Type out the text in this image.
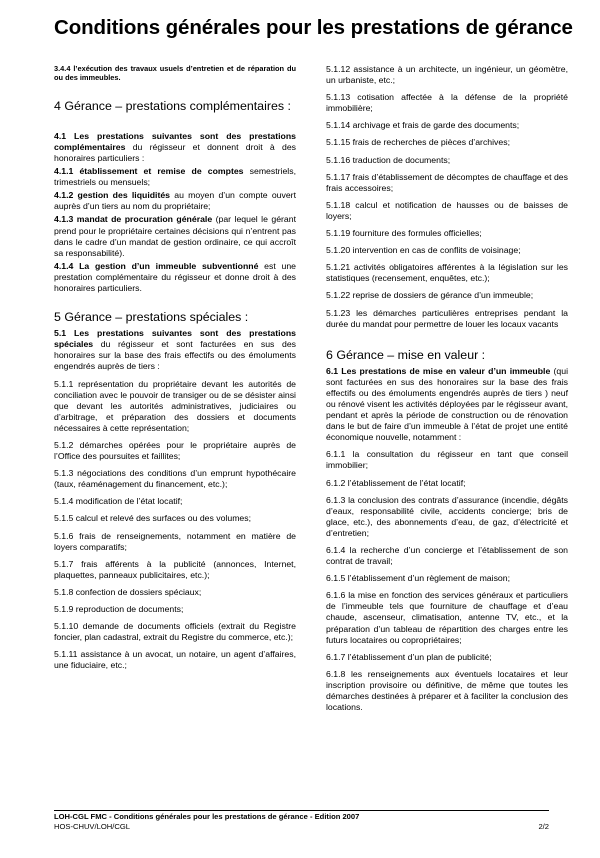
Conditions générales pour les prestations de gérance

3.4.4 l’exécution des travaux usuels d’entretien et de réparation du ou des immeubles.

4 Gérance – prestations complémentaires :

4.1 Les prestations suivantes sont des prestations complémentaires du régisseur et donnent droit à des honoraires particuliers :

4.1.1 établissement et remise de comptes semestriels, trimestriels ou mensuels;

4.1.2 gestion des liquidités au moyen d’un compte ouvert auprès d’un tiers au nom du propriétaire;

4.1.3 mandat de procuration générale (par lequel le gérant prend pour le propriétaire certaines décisions qui n’entrent pas dans le cadre d’un mandat de gestion ordinaire, ce qui accroît sa responsabilité).

4.1.4 La gestion d’un immeuble subventionné est une prestation complémentaire du régisseur et donne droit à des honoraires particuliers.

5 Gérance – prestations spéciales :

5.1 Les prestations suivantes sont des prestations spéciales du régisseur et sont facturées en sus des honoraires sur la base des frais effectifs ou des émoluments engendrés auprès de tiers :

5.1.1 représentation du propriétaire devant les autorités de conciliation avec le pouvoir de transiger ou de se désister ainsi que devant les autorités administratives, judiciaires ou d’arbitrage, et préparation des dossiers et documents nécessaires à cette représentation;

5.1.2 démarches opérées pour le propriétaire auprès de l’Office des poursuites et faillites;

5.1.3 négociations des conditions d’un emprunt hypothécaire (taux, réaménagement du financement, etc.);

5.1.4 modification de l’état locatif;

5.1.5 calcul et relevé des surfaces ou des volumes;

5.1.6 frais de renseignements, notamment en matière de loyers comparatifs;

5.1.7 frais afférents à la publicité (annonces, Internet, plaquettes, panneaux publicitaires, etc.);

5.1.8 confection de dossiers spéciaux;

5.1.9 reproduction de documents;

5.1.10 demande de documents officiels (extrait du Registre foncier, plan cadastral, extrait du Registre du commerce, etc.);

5.1.11 assistance à un avocat, un notaire, un agent d’affaires, une fiduciaire, etc.;

5.1.12 assistance à un architecte, un ingénieur, un géomètre, un urbaniste, etc.;

5.1.13 cotisation affectée à la défense de la propriété immobilière;

5.1.14 archivage et frais de garde des documents;

5.1.15 frais de recherches de pièces d’archives;

5.1.16 traduction de documents;

5.1.17 frais d’établissement de décomptes de chauffage et des frais accessoires;

5.1.18 calcul et notification de hausses ou de baisses de loyers;

5.1.19 fourniture des formules officielles;

5.1.20 intervention en cas de conflits de voisinage;

5.1.21 activités obligatoires afférentes à la législation sur les statistiques (recensement, enquêtes, etc.);

5.1.22 reprise de dossiers de gérance d’un immeuble;

5.1.23 les démarches particulières entreprises pendant la durée du mandat pour permettre de louer les locaux vacants

6 Gérance – mise en valeur :

6.1 Les prestations de mise en valeur d’un immeuble (qui sont facturées en sus des honoraires sur la base des frais effectifs ou des émoluments engendrés auprès de tiers ) neuf ou rénové visent les activités déployées par le régisseur avant, pendant et après la période de construction ou de rénovation dans le but de faire d’un immeuble à l’état de projet une entité économique nouvelle, notamment :

6.1.1 la consultation du régisseur en tant que conseil immobilier;

6.1.2 l’établissement de l’état locatif;

6.1.3 la conclusion des contrats d’assurance (incendie, dégâts d’eaux, responsabilité civile, accidents concierge; bris de glace, etc.), des abonnements d’eau, de gaz, d’électricité et d’entretien;

6.1.4 la recherche d’un concierge et l’établissement de son contrat de travail;

6.1.5 l’établissement d’un règlement de maison;

6.1.6 la mise en fonction des services généraux et particuliers de l’immeuble tels que fourniture de chauffage et d’eau chaude, ascenseur, climatisation, antenne TV, etc., et la préparation d’un tableau de répartition des charges entre les futurs locataires ou copropriétaires;

6.1.7 l’établissement d’un plan de publicité;

6.1.8 les renseignements aux éventuels locataires et leur inscription provisoire ou définitive, de même que toutes les démarches destinées à préparer et à faciliter la conclusion des locations.

LOH-CGL FMC - Conditions générales pour les prestations de gérance - Edition 2007
HOS-CHUV/LOH/CGL	2/2
